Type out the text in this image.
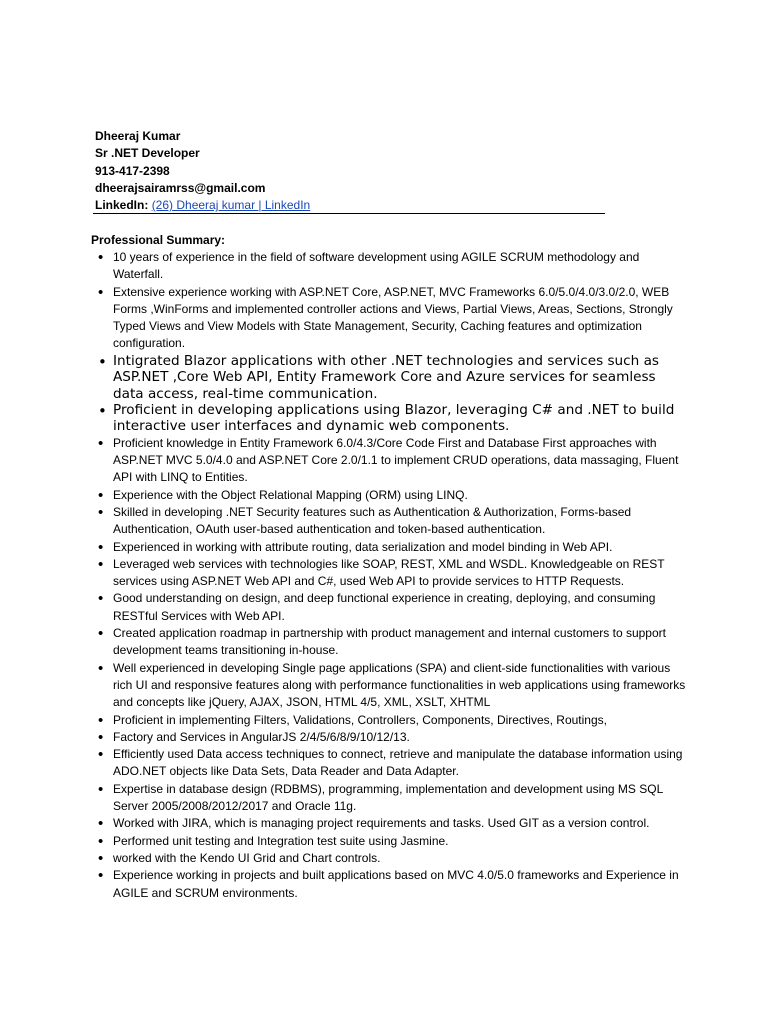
Dheeraj Kumar
Sr .NET Developer
913-417-2398
dheerajsairamrss@gmail.com
LinkedIn: (26) Dheeraj kumar | LinkedIn
Professional Summary:
• 10 years of experience in the field of software development using AGILE SCRUM methodology and Waterfall.
• Extensive experience working with ASP.NET Core, ASP.NET, MVC Frameworks 6.0/5.0/4.0/3.0/2.0, WEB Forms ,WinForms and implemented controller actions and Views, Partial Views, Areas, Sections, Strongly Typed Views and View Models with State Management, Security, Caching features and optimization configuration.
• Intigrated Blazor applications with other .NET technologies and services such as ASP.NET ,Core Web API, Entity Framework Core and Azure services for seamless data access, real-time communication.
• Proficient in developing applications using Blazor, leveraging C# and .NET to build interactive user interfaces and dynamic web components.
• Proficient knowledge in Entity Framework 6.0/4.3/Core Code First and Database First approaches with ASP.NET MVC 5.0/4.0 and ASP.NET Core 2.0/1.1 to implement CRUD operations, data massaging, Fluent API with LINQ to Entities.
• Experience with the Object Relational Mapping (ORM) using LINQ.
• Skilled in developing .NET Security features such as Authentication & Authorization, Forms-based Authentication, OAuth user-based authentication and token-based authentication.
• Experienced in working with attribute routing, data serialization and model binding in Web API.
• Leveraged web services with technologies like SOAP, REST, XML and WSDL. Knowledgeable on REST services using ASP.NET Web API and C#, used Web API to provide services to HTTP Requests.
• Good understanding on design, and deep functional experience in creating, deploying, and consuming RESTful Services with Web API.
• Created application roadmap in partnership with product management and internal customers to support development teams transitioning in-house.
• Well experienced in developing Single page applications (SPA) and client-side functionalities with various rich UI and responsive features along with performance functionalities in web applications using frameworks and concepts like jQuery, AJAX, JSON, HTML 4/5, XML, XSLT, XHTML
• Proficient in implementing Filters, Validations, Controllers, Components, Directives, Routings,
• Factory and Services in AngularJS 2/4/5/6/8/9/10/12/13.
• Efficiently used Data access techniques to connect, retrieve and manipulate the database information using ADO.NET objects like Data Sets, Data Reader and Data Adapter.
• Expertise in database design (RDBMS), programming, implementation and development using MS SQL Server 2005/2008/2012/2017 and Oracle 11g.
• Worked with JIRA, which is managing project requirements and tasks. Used GIT as a version control.
• Performed unit testing and Integration test suite using Jasmine.
• worked with the Kendo UI Grid and Chart controls.
• Experience working in projects and built applications based on MVC 4.0/5.0 frameworks and Experience in AGILE and SCRUM environments.
